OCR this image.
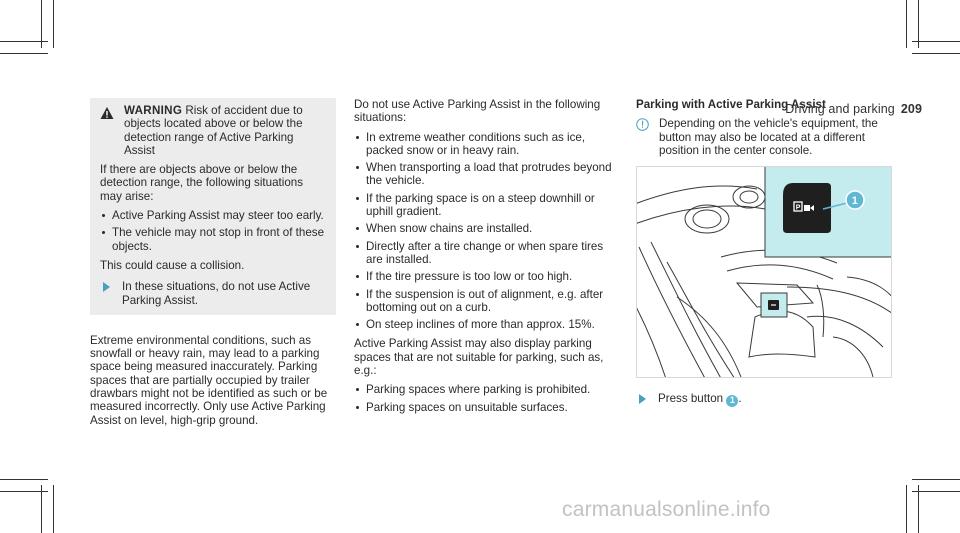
Driving and parking 209
WARNING Risk of accident due to objects located above or below the detection range of Active Parking Assist

If there are objects above or below the detection range, the following situations may arise:

Active Parking Assist may steer too early.
The vehicle may not stop in front of these objects.

This could cause a collision.

In these situations, do not use Active Parking Assist.

Extreme environmental conditions, such as snowfall or heavy rain, may lead to a parking space being measured inaccurately. Parking spaces that are partially occupied by trailer drawbars might not be identified as such or be measured incorrectly. Only use Active Parking Assist on level, high-grip ground.

Do not use Active Parking Assist in the following situations:

In extreme weather conditions such as ice, packed snow or in heavy rain.
When transporting a load that protrudes beyond the vehicle.
If the parking space is on a steep downhill or uphill gradient.
When snow chains are installed.
Directly after a tire change or when spare tires are installed.
If the tire pressure is too low or too high.
If the suspension is out of alignment, e.g. after bottoming out on a curb.
On steep inclines of more than approx. 15%.

Active Parking Assist may also display parking spaces that are not suitable for parking, such as, e.g.:

Parking spaces where parking is prohibited.
Parking spaces on unsuitable surfaces.
Parking with Active Parking Assist
Depending on the vehicle's equipment, the button may also be located at a different position in the center console.
P
1
Press button 1 .
carmanualsonline.info
